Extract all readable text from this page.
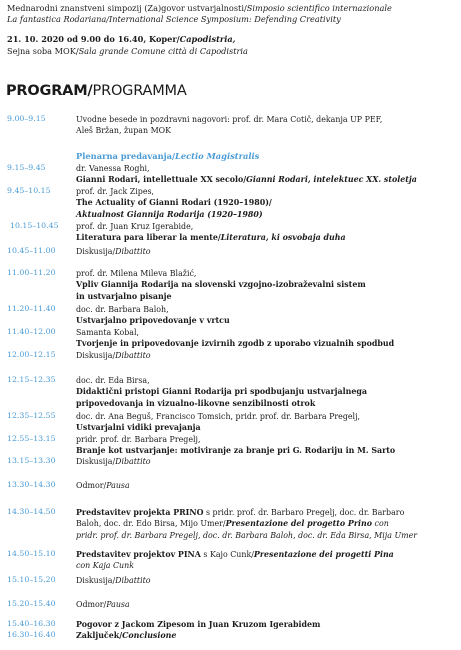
Mednarodni znanstveni simpozij (Za)govor ustvarjalnosti/Simposio scientifico internazionale
La fantastica Rodariana/International Science Symposium: Defending Creativity
21. 10. 2020 od 9.00 do 16.40, Koper/Capodistria,
Sejna soba MOK/Sala grande Comune città di Capodistria
PROGRAM/PROGRAMMA
Plenarna predavanja/Lectio Magistralis
9.00–9.15	Uvodne besede in pozdravni nagovori: prof. dr. Mara Cotič, dekanja UP PEF,
Aleš Bržan, župan MOK
9.15–9.45	dr. Vanessa Roghi,
Gianni Rodari, intellettuale XX secolo/Gianni Rodari, intelektuec XX. stoletja
9.45–10.15	prof. dr. Jack Zipes,
The Actuality of Gianni Rodari (1920–1980)/
Aktualnost Giannija Rodarija (1920–1980)
10.15–10.45 prof. dr. Juan Kruz Igerabide,
Literatura para liberar la mente/Literatura, ki osvobaja duha
10.45–11.00	Diskusija/Dibattito
11.00–11.20	prof. dr. Milena Mileva Blažić,
Vpliv Giannija Rodarija na slovenski vzgojno-izobraževalni sistem
in ustvarjalno pisanje
11.20–11.40	doc. dr. Barbara Baloh,
Ustvarjalno pripovedovanje v vrtcu
11.40–12.00	Samanta Kobal,
Tvorjenje in pripovedovanje izvirnih zgodb z uporabo vizualnih spodbud
12.00–12.15	Diskusija/Dibattito
12.15–12.35	doc. dr. Eda Birsa,
Didaktični pristopi Gianni Rodarija pri spodbujanju ustvarjalnega
pripovedovanja in vizualno-likovne senzibilnosti otrok
12.35–12.55	doc. dr. Ana Beguš, Francisco Tomsich, pridr. prof. dr. Barbara Pregelj,
Ustvarjalni vidiki prevajanja
12.55–13.15	pridr. prof. dr. Barbara Pregelj,
Branje kot ustvarjanje: motiviranje za branje pri G. Rodariju in M. Sarto
13.15–13.30	Diskusija/Dibattito
13.30–14.30	Odmor/Pausa
14.30–14.50	Predstavitev projekta PRINO s pridr. prof. dr. Barbaro Pregelj, doc. dr. Barbaro
Baloh, doc. dr. Edo Birsa, Mijo Umer/Presentazione del progetto Prino con
pridr. prof. dr. Barbara Pregelj, doc. dr. Barbara Baloh, doc. dr. Eda Birsa, Mija Umer
14.50–15.10	Predstavitev projektov PINA s Kajo Cunk/Presentazione dei progetti Pina
con Kaja Cunk
15.10–15.20	Diskusija/Dibattito
15.20–15.40	Odmor/Pausa
15.40–16.30	Pogovor z Jackom Zipesom in Juan Kruzom Igerabidem
16.30–16.40	Zaključek/Conclusione
